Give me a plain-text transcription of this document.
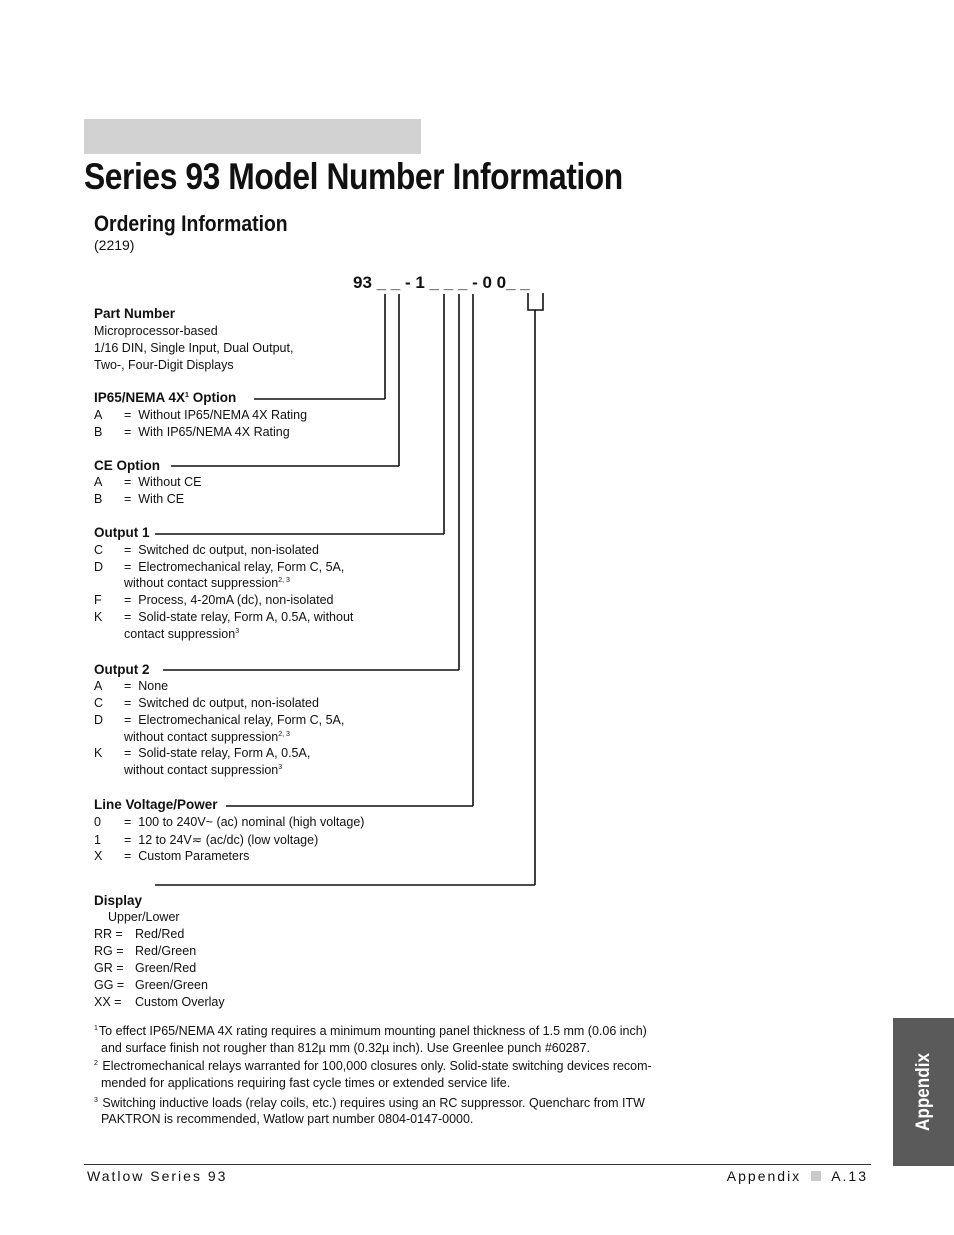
Series 93 Model Number Information
Ordering Information
(2219)
93 _ _ - 1 _ _ _ - 0 0_ _
Part Number
Microprocessor-based
1/16 DIN, Single Input, Dual Output,
Two-, Four-Digit Displays
IP65/NEMA $4X^1$ Option
A =  Without IP65/NEMA 4X Rating
B =  With IP65/NEMA 4X Rating
CE Option
A =  Without CE
B =  With CE
Output 1
C =  Switched dc output, non-isolated
D =  Electromechanical relay, Form C, 5A,
without contact suppression$^{2, 3}$
F =  Process, 4-20mA (dc), non-isolated
K =  Solid-state relay, Form A, 0.5A, without
contact suppression$^3$
Output 2
A =  None
C =  Switched dc output, non-isolated
D =  Electromechanical relay, Form C, 5A,
without contact suppression$^{2, 3}$
K =  Solid-state relay, Form A, 0.5A,
without contact suppression$^3$
Line Voltage/Power
0 =  100 to 240V~ (ac) nominal (high voltage)
1 =  12 to 24V≂ (ac/dc) (low voltage)
X =  Custom Parameters
Display
Upper/Lower
RR = Red/Red
RG = Red/Green
GR = Green/Red
GG = Green/Green
XX = Custom Overlay
$^1$To effect IP65/NEMA 4X rating requires a minimum mounting panel thickness of 1.5 mm (0.06 inch)
and surface finish not rougher than 812µ mm (0.32µ inch). Use Greenlee punch #60287.
$^2$ Electromechanical relays warranted for 100,000 closures only. Solid-state switching devices recom-
mended for applications requiring fast cycle times or extended service life.
$^3$ Switching inductive loads (relay coils, etc.) requires using an RC suppressor. Quencharc from ITW
PAKTRON is recommended, Watlow part number 0804-0147-0000.
Watlow Series 93	Appendix A.13
Appendix
